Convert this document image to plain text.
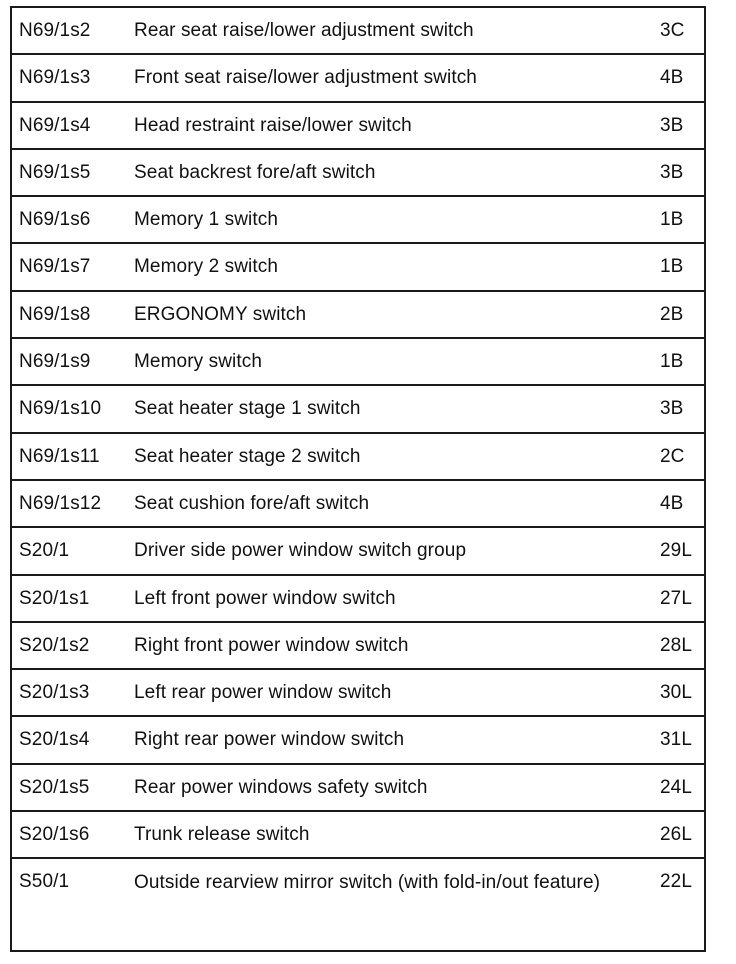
N69/1s2 Rear seat raise/lower adjustment switch	3C
N69/1s3 Front seat raise/lower adjustment switch	4B
N69/1s4 Head restraint raise/lower switch	3B
N69/1s5 Seat backrest fore/aft switch	3B
N69/1s6 Memory 1 switch	1B
N69/1s7 Memory 2 switch	1B
N69/1s8 ERGONOMY switch	2B
N69/1s9 Memory switch	1B
N69/1s10 Seat heater stage 1 switch	3B
N69/1s11 Seat heater stage 2 switch	2C
N69/1s12 Seat cushion fore/aft switch	4B
S20/1	Driver side power window switch group	29L
S20/1s1 Left front power window switch	27L
S20/1s2 Right front power window switch	28L
S20/1s3 Left rear power window switch	30L
S20/1s4 Right rear power window switch	31L
S20/1s5 Rear power windows safety switch	24L
S20/1s6 Trunk release switch	26L
S50/1	Outside rearview mirror switch (with fold-in/out feature)	22L
